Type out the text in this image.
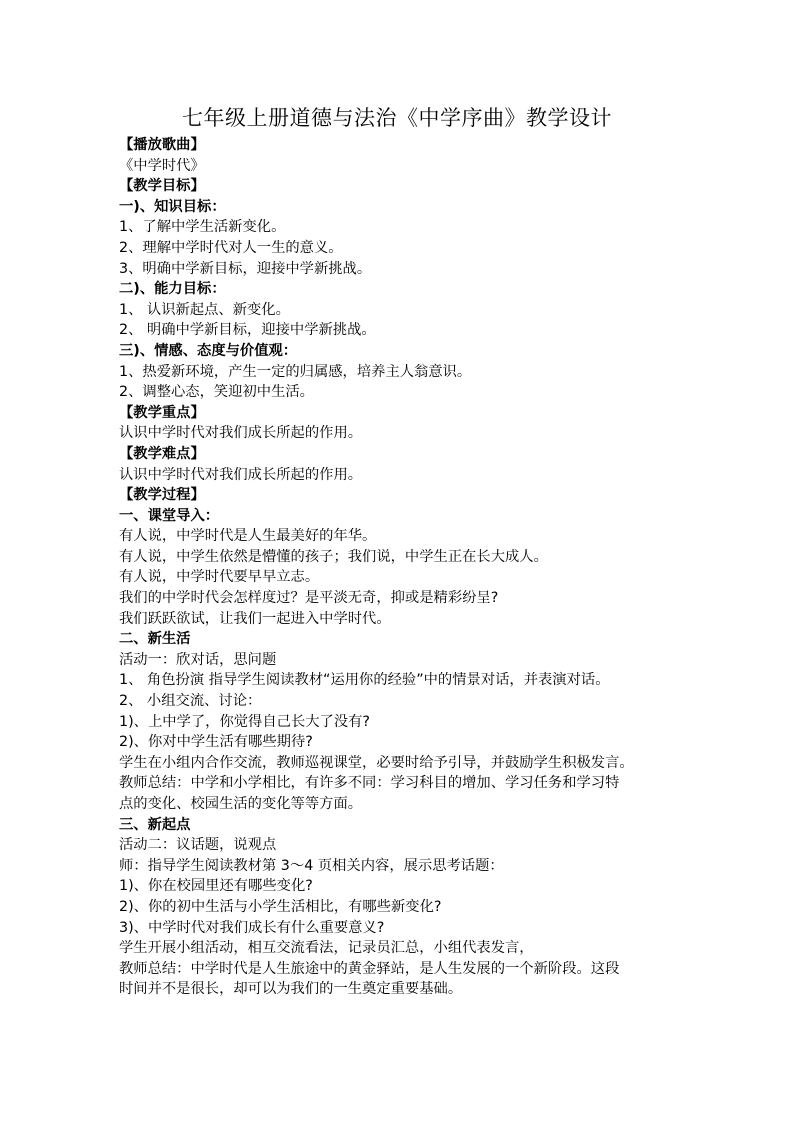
七年级上册道德与法治《中学序曲》教学设计
【播放歌曲】
《中学时代》
【教学目标】
一)、知识目标：
1、了解中学生活新变化。
2、理解中学时代对人一生的意义。
3、明确中学新目标，迎接中学新挑战。
二)、能力目标：
1、 认识新起点、新变化。
2、 明确中学新目标，迎接中学新挑战。
三)、情感、态度与价值观：
1、热爱新环境，产生一定的归属感，培养主人翁意识。
2、调整心态，笑迎初中生活。
【教学重点】
认识中学时代对我们成长所起的作用。
【教学难点】
认识中学时代对我们成长所起的作用。
【教学过程】
一、课堂导入：
有人说，中学时代是人生最美好的年华。
有人说，中学生依然是懵懂的孩子；我们说，中学生正在长大成人。
有人说，中学时代要早早立志。
我们的中学时代会怎样度过？是平淡无奇，抑或是精彩纷呈?
我们跃跃欲试，让我们一起进入中学时代。
二、新生活
活动一：欣对话，思问题
1、 角色扮演 指导学生阅读教材“运用你的经验”中的情景对话，并表演对话。
2、 小组交流、讨论：
1)、上中学了，你觉得自己长大了没有?
2)、你对中学生活有哪些期待?
学生在小组内合作交流，教师巡视课堂，必要时给予引导，并鼓励学生积极发言。
教师总结：中学和小学相比，有许多不同：学习科目的增加、学习任务和学习特
点的变化、校园生活的变化等等方面。
三、新起点
活动二：议话题，说观点
师：指导学生阅读教材第 3～4 页相关内容，展示思考话题：
1)、你在校园里还有哪些变化?
2)、你的初中生活与小学生活相比，有哪些新变化?
3)、中学时代对我们成长有什么重要意义?
学生开展小组活动，相互交流看法，记录员汇总，小组代表发言，
教师总结：中学时代是人生旅途中的黄金驿站，是人生发展的一个新阶段。这段
时间并不是很长，却可以为我们的一生奠定重要基础。
